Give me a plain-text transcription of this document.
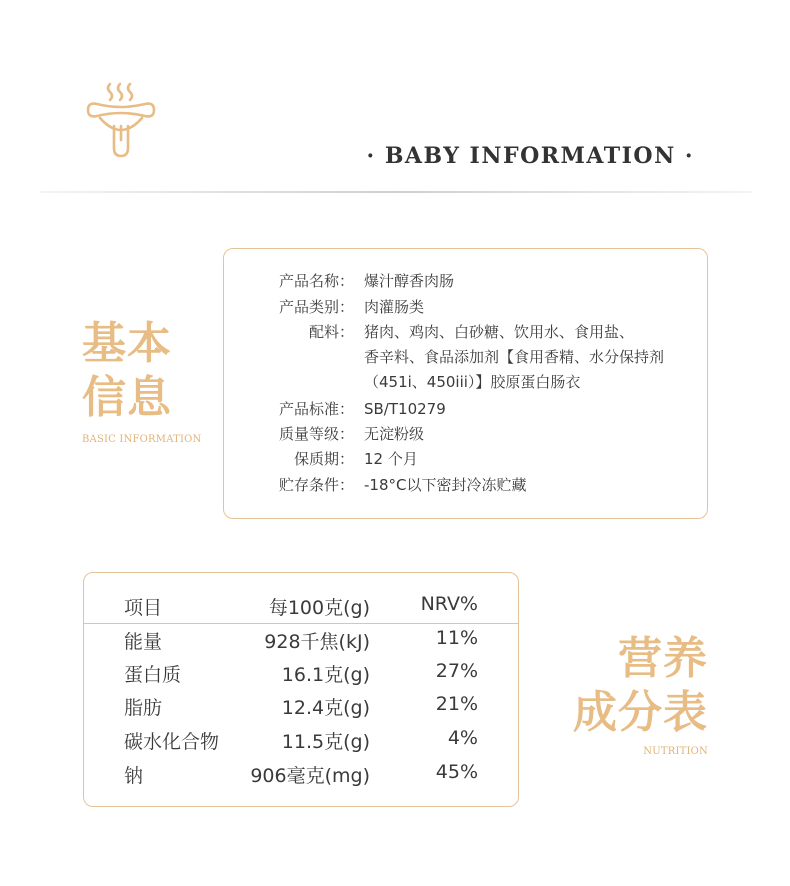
· BABY INFORMATION ·
基本
信息
BASIC INFORMATION
产品名称： 爆汁醇香肉肠
产品类别： 肉灌肠类
配料： 猪肉、鸡肉、白砂糖、饮用水、食用盐、
香辛料、食品添加剂【食用香精、水分保持剂
（451i、450iii）】胶原蛋白肠衣
产品标准： SB/T10279
质量等级： 无淀粉级
保质期： 12 个月
贮存条件： -18°C以下密封冷冻贮藏
项目	每100克(g)	NRV%
能量	928千焦(kJ)	11%
蛋白质	16.1克(g)	27%
脂肪	12.4克(g)	21%
碳水化合物	11.5克(g)	4%
钠	906毫克(mg)	45%
营养
成分表
NUTRITION
